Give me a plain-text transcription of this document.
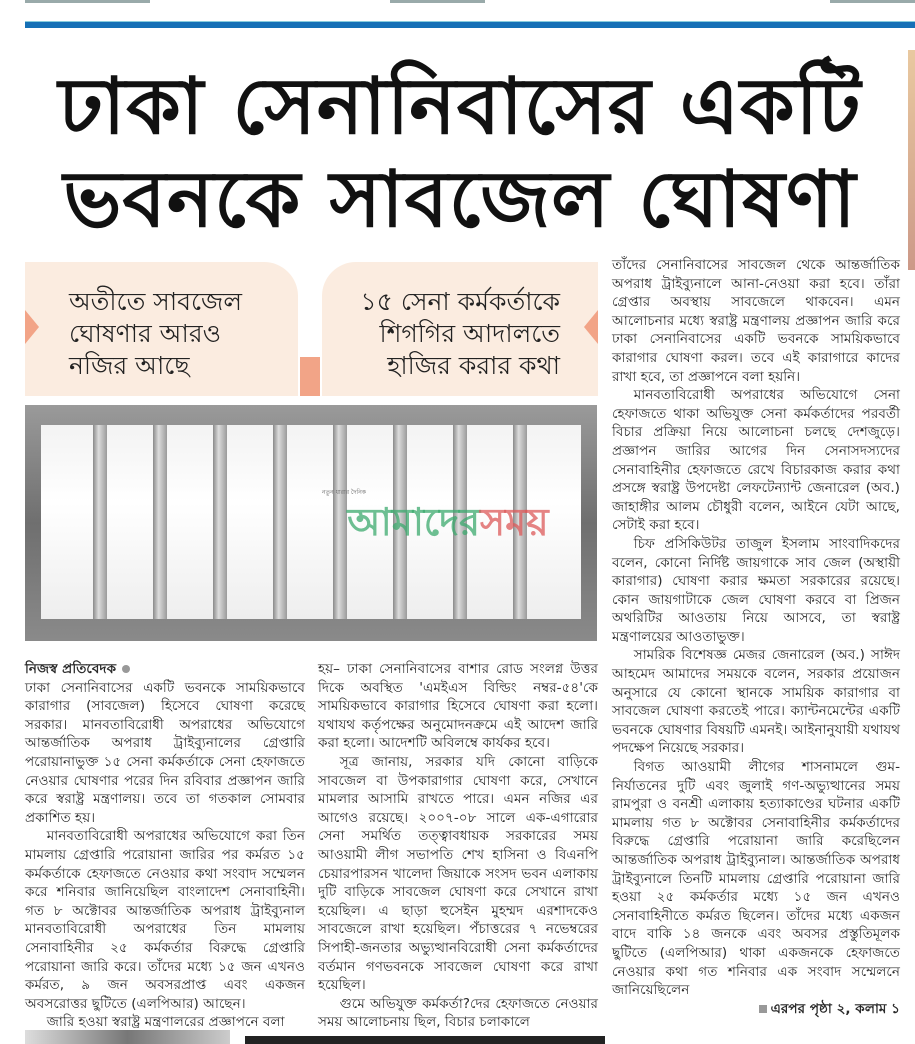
ঢাকা সেনানিবাসের একটি
ভবনকে সাবজেল ঘোষণা
অতীতে সাবজেল
ঘোষণার আরও
নজির আছে
১৫ সেনা কর্মকর্তাকে
শিগগির আদালতে
হাজির করার কথা
নতুন ধারার দৈনিক
আমাদেরসময়
নিজস্ব প্রতিবেদক

ঢাকা সেনানিবাসের একটি ভবনকে সাময়িকভাবে কারাগার (সাবজেল) হিসেবে ঘোষণা করেছে সরকার। মানবতাবিরোধী অপরাধের অভিযোগে আন্তর্জাতিক অপরাধ ট্রাইব্যুনালের গ্রেপ্তারি পরোয়ানাভুক্ত ১৫ সেনা কর্মকর্তাকে সেনা হেফাজতে নেওয়ার ঘোষণার পরের দিন রবিবার প্রজ্ঞাপন জারি করে স্বরাষ্ট্র মন্ত্রণালয়। তবে তা গতকাল সোমবার প্রকাশিত হয়।

মানবতাবিরোধী অপরাধের অভিযোগে করা তিন মামলায় গ্রেপ্তারি পরোয়ানা জারির পর কর্মরত ১৫ কর্মকর্তাকে হেফাজতে নেওয়ার কথা সংবাদ সম্মেলন করে শনিবার জানিয়েছিল বাংলাদেশ সেনাবাহিনী। গত ৮ অক্টোবর আন্তর্জাতিক অপরাধ ট্রাইব্যুনাল মানবতাবিরোধী অপরাধের তিন মামলায় সেনাবাহিনীর ২৫ কর্মকর্তার বিরুদ্ধে গ্রেপ্তারি পরোয়ানা জারি করে। তাঁদের মধ্যে ১৫ জন এখনও কর্মরত, ৯ জন অবসরপ্রাপ্ত এবং একজন অবসরোত্তর ছুটিতে (এলপিআর) আছেন।

জারি হওয়া স্বরাষ্ট্র মন্ত্রণালরের প্রজ্ঞাপনে বলা

হয়– ঢাকা সেনানিবাসের বাশার রোড সংলগ্ন উত্তর দিকে অবস্থিত 'এমইএস বিল্ডিং নম্বর-৫৪'কে সাময়িকভাবে কারাগার হিসেবে ঘোষণা করা হলো। যথাযথ কর্তৃপক্ষের অনুমোদনক্রমে এই আদেশ জারি করা হলো। আদেশটি অবিলম্বে কার্যকর হবে।

সূত্র জানায়, সরকার যদি কোনো বাড়িকে সাবজেল বা উপকারাগার ঘোষণা করে, সেখানে মামলার আসামি রাখতে পারে। এমন নজির এর আগেও রয়েছে। ২০০৭-০৮ সালে এক-এগারোর সেনা সমর্থিত তত্ত্বাবধায়ক সরকারের সময় আওয়ামী লীগ সভাপতি শেখ হাসিনা ও বিএনপি চেয়ারপারসন খালেদা জিয়াকে সংসদ ভবন এলাকায় দুটি বাড়িকে সাবজেল ঘোষণা করে সেখানে রাখা হয়েছিল। এ ছাড়া হুসেইন মুহম্মদ এরশাদকেও সাবজেলে রাখা হয়েছিল। পঁচাত্তরের ৭ নভেম্বরের সিপাহী-জনতার অভ্যুত্থানবিরোধী সেনা কর্মকর্তাদের বর্তমান গণভবনকে সাবজেল ঘোষণা করে রাখা হয়েছিল।

গুমে অভিযুক্ত কর্মকর্তা?দের হেফাজতে নেওয়ার সময় আলোচনায় ছিল, বিচার চলাকালে

তাঁদের সেনানিবাসের সাবজেল থেকে আন্তর্জাতিক অপরাধ ট্রাইব্যুনালে আনা-নেওয়া করা হবে। তাঁরা গ্রেপ্তার অবস্থায় সাবজেলে থাকবেন। এমন আলোচনার মধ্যে স্বরাষ্ট্র মন্ত্রণালয় প্রজ্ঞাপন জারি করে ঢাকা সেনানিবাসের একটি ভবনকে সাময়িকভাবে কারাগার ঘোষণা করল। তবে এই কারাগারে কাদের রাখা হবে, তা প্রজ্ঞাপনে বলা হয়নি।

মানবতাবিরোধী অপরাধের অভিযোগে সেনা হেফাজতে থাকা অভিযুক্ত সেনা কর্মকর্তাদের পরবর্তী বিচার প্রক্রিয়া নিয়ে আলোচনা চলছে দেশজুড়ে। প্রজ্ঞাপন জারির আগের দিন সেনাসদস্যদের সেনাবাহিনীর হেফাজতে রেখে বিচারকাজ করার কথা প্রসঙ্গে স্বরাষ্ট্র উপদেষ্টা লেফটেন্যান্ট জেনারেল (অব.) জাহাঙ্গীর আলম চৌধুরী বলেন, আইনে যেটা আছে, সেটাই করা হবে।

চিফ প্রসিকিউটর তাজুল ইসলাম সাংবাদিকদের বলেন, কোনো নির্দিষ্ট জায়গাকে সাব জেল (অস্থায়ী কারাগার) ঘোষণা করার ক্ষমতা সরকারের রয়েছে। কোন জায়গাটাকে জেল ঘোষণা করবে বা প্রিজন অথরিটির আওতায় নিয়ে আসবে, তা স্বরাষ্ট্র মন্ত্রণালয়ের আওতাভুক্ত।

সামরিক বিশেষজ্ঞ মেজর জেনারেল (অব.) সাঈদ আহমেদ আমাদের সময়কে বলেন, সরকার প্রয়োজন অনুসারে যে কোনো স্থানকে সাময়িক কারাগার বা সাবজেল ঘোষণা করতেই পারে। ক্যান্টনমেন্টের একটি ভবনকে ঘোষণার বিষয়টি এমনই। আইনানুযায়ী যথাযথ পদক্ষেপ নিয়েছে সরকার।

বিগত আওয়ামী লীগের শাসনামলে গুম-নির্যাতনের দুটি এবং জুলাই গণ-অভ্যুত্থানের সময় রামপুরা ও বনশ্রী এলাকায় হত্যাকাণ্ডের ঘটনার একটি মামলায় গত ৮ অক্টোবর সেনাবাহিনীর কর্মকর্তাদের বিরুদ্ধে গ্রেপ্তারি পরোয়ানা জারি করেছিলেন আন্তর্জাতিক অপরাধ ট্রাইব্যুনাল। আন্তর্জাতিক অপরাধ ট্রাইব্যুনালে তিনটি মামলায় গ্রেপ্তারি পরোয়ানা জারি হওয়া ২৫ কর্মকর্তার মধ্যে ১৫ জন এখনও সেনাবাহিনীতে কর্মরত ছিলেন। তাঁদের মধ্যে একজন বাদে বাকি ১৪ জনকে এবং অবসর প্রস্তুতিমূলক ছুটিতে (এলপিআর) থাকা একজনকে হেফাজতে নেওয়ার কথা গত শনিবার এক সংবাদ সম্মেলনে জানিয়েছিলেন

এরপর পৃষ্ঠা ২, কলাম ১
